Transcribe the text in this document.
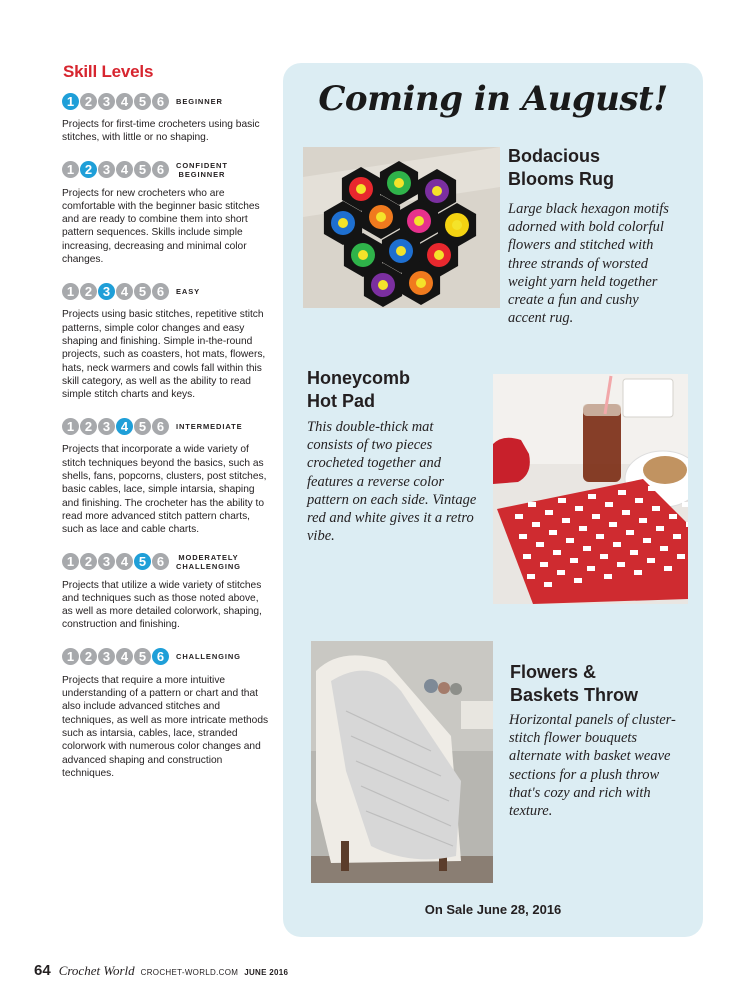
Skill Levels
1 2 3 4 5 6	BEGINNER
Projects for first-time crocheters using basic stitches, with little or no shaping.
1 2 3 4 5 6	CONFIDENT
BEGINNER
Projects for new crocheters who are comfortable with the beginner basic stitches and are ready to combine them into short pattern sequences. Skills include simple increasing, decreasing and minimal color changes.
1 2 3 4 5 6	EASY
Projects using basic stitches, repetitive stitch patterns, simple color changes and easy shaping and finishing. Simple in-the-round projects, such as coasters, hot mats, flowers, hats, neck warmers and cowls fall within this skill category, as well as the ability to read simple stitch charts and keys.
1 2 3 4 5 6	INTERMEDIATE
Projects that incorporate a wide variety of stitch techniques beyond the basics, such as shells, fans, popcorns, clusters, post stitches, basic cables, lace, simple intarsia, shaping and finishing. The crocheter has the ability to read more advanced stitch pattern charts, such as lace and cable charts.
1 2 3 4 5 6	MODERATELY
CHALLENGING
Projects that utilize a wide variety of stitches and techniques such as those noted above, as well as more detailed colorwork, shaping, construction and finishing.
1 2 3 4 5 6	CHALLENGING
Projects that require a more intuitive understanding of a pattern or chart and that also include advanced stitches and techniques, as well as more intricate methods such as intarsia, cables, lace, stranded colorwork with numerous color changes and advanced shaping and construction techniques.
Coming in August!
Bodacious
Blooms Rug
Large black hexagon motifs adorned with bold colorful flowers and stitched with three strands of worsted weight yarn held together create a fun and cushy accent rug.
Honeycomb
Hot Pad
This double-thick mat consists of two pieces crocheted together and features a reverse color pattern on each side. Vintage red and white gives it a retro vibe.
Flowers &
Baskets Throw
Horizontal panels of cluster-stitch flower bouquets alternate with basket weave sections for a plush throw that's cozy and rich with texture.
On Sale June 28, 2016
64 Crochet World CROCHET-WORLD.COM JUNE 2016
